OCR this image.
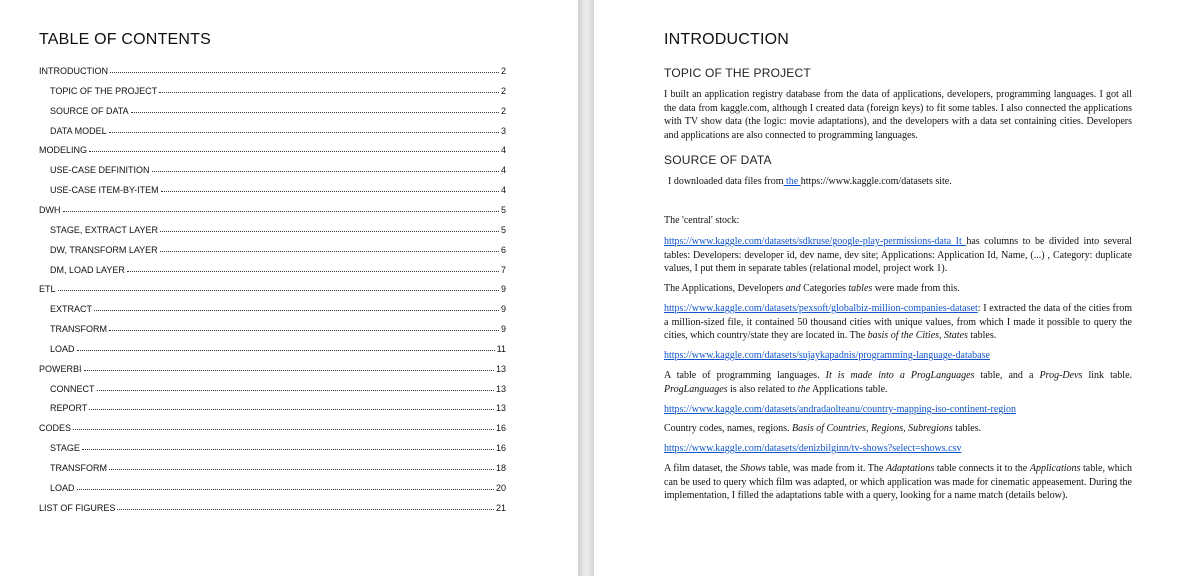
TABLE OF CONTENTS
INTRODUCTION	2
TOPIC OF THE PROJECT	2
SOURCE OF DATA	2
DATA MODEL	3
MODELING	4
USE-CASE DEFINITION	4
USE-CASE ITEM-BY-ITEM	4
DWH	5
STAGE, EXTRACT LAYER	5
DW, TRANSFORM LAYER	6
DM, LOAD LAYER	7
ETL	9
EXTRACT	9
TRANSFORM	9
LOAD	11
POWERBI	13
CONNECT	13
REPORT	13
CODES	16
STAGE	16
TRANSFORM	18
LOAD	20
LIST OF FIGURES	21
INTRODUCTION
TOPIC OF THE PROJECT

I built an application registry database from the data of applications, developers, programming languages. I got all the data from kaggle.com, although I created data (foreign keys) to fit some tables. I also connected the applications with TV show data (the logic: movie adaptations), and the developers with a data set containing cities. Developers and applications are also connected to programming languages.

SOURCE OF DATA

I downloaded data files from the https://www.kaggle.com/datasets site.

The 'central' stock:

https://www.kaggle.com/datasets/sdkruse/google-play-permissions-data It has columns to be divided into several tables: Developers: developer id, dev name, dev site; Applications: Application Id, Name, (...) , Category: duplicate values, I put them in separate tables (relational model, project work 1).

The Applications, Developers and Categories tables were made from this.

https://www.kaggle.com/datasets/pexsoft/globalbiz-million-companies-dataset: I extracted the data of the cities from a million-sized file, it contained 50 thousand cities with unique values, from which I made it possible to query the cities, which country/state they are located in. The basis of the Cities, States tables.

https://www.kaggle.com/datasets/sujaykapadnis/programming-language-database

A table of programming languages. It is made into a ProgLanguages table, and a Prog-Devs link table. ProgLanguages is also related to the Applications table.

https://www.kaggle.com/datasets/andradaolteanu/country-mapping-iso-continent-region

Country codes, names, regions. Basis of Countries, Regions, Subregions tables.

https://www.kaggle.com/datasets/denizbilginn/tv-shows?select=shows.csv

A film dataset, the Shows table, was made from it. The Adaptations table connects it to the Applications table, which can be used to query which film was adapted, or which application was made for cinematic appeasement. During the implementation, I filled the adaptations table with a query, looking for a name match (details below).
